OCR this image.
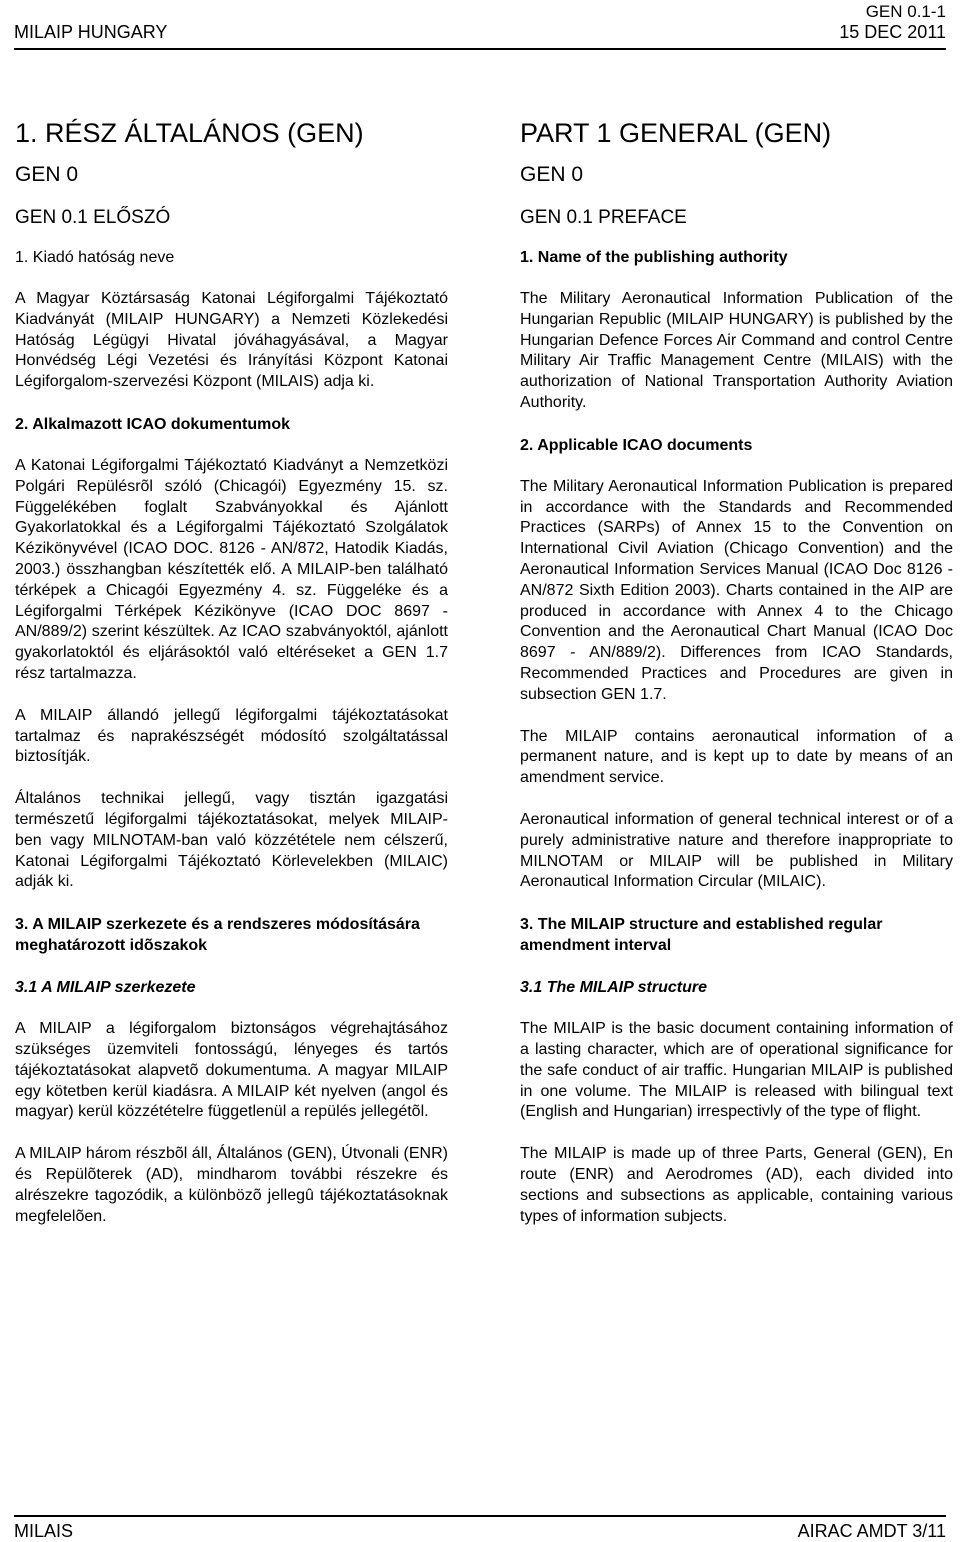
GEN 0.1-1
MILAIP HUNGARY	15 DEC 2011
1. RÉSZ ÁLTALÁNOS (GEN)
GEN 0
GEN 0.1 ELŐSZÓ
1. Kiadó hatóság neve

A Magyar Köztársaság Katonai Légiforgalmi Tájékoztató Kiadványát (MILAIP HUNGARY) a Nemzeti Közlekedési Hatóság Légügyi Hivatal jóváhagyásával, a Magyar Honvédség Légi Vezetési és Irányítási Központ Katonai Légiforgalom-szervezési Központ (MILAIS) adja ki.

2. Alkalmazott ICAO dokumentumok

A Katonai Légiforgalmi Tájékoztató Kiadványt a Nemzetközi Polgári Repülésrõl szóló (Chicagói) Egyezmény 15. sz. Függelékében foglalt Szabványokkal és Ajánlott Gyakorlatokkal és a Légiforgalmi Tájékoztató Szolgálatok Kézikönyvével (ICAO DOC. 8126 - AN/872, Hatodik Kiadás, 2003.) összhangban készítették elő. A MILAIP-ben található térképek a Chicagói Egyezmény 4. sz. Függeléke és a Légiforgalmi Térképek Kézikönyve (ICAO DOC 8697 - AN/889/2) szerint készültek. Az ICAO szabványoktól, ajánlott gyakorlatoktól és eljárásoktól való eltéréseket a GEN 1.7 rész tartalmazza.

A MILAIP állandó jellegű légiforgalmi tájékoztatásokat tartalmaz és naprakészségét módosító szolgáltatással biztosítják.

Általános technikai jellegű, vagy tisztán igazgatási természetű légiforgalmi tájékoztatásokat, melyek MILAIP-ben vagy MILNOTAM-ban való közzététele nem célszerű, Katonai Légiforgalmi Tájékoztató Körlevelekben (MILAIC) adják ki.

3. A MILAIP szerkezete és a rendszeres módosítására meghatározott idõszakok
3.1 A MILAIP szerkezete

A MILAIP a légiforgalom biztonságos végrehajtásához szükséges üzemviteli fontosságú, lényeges és tartós tájékoztatásokat alapvetõ dokumentuma. A magyar MILAIP egy kötetben kerül kiadásra. A MILAIP két nyelven (angol és magyar) kerül közzétételre függetlenül a repülés jellegétõl.

A MILAIP három részbõl áll, Általános (GEN), Útvonali (ENR) és Repülõterek (AD), mindharom további részekre és alrészekre tagozódik, a különbözõ jellegû tájékoztatásoknak megfelelõen.

PART 1 GENERAL (GEN)
GEN 0
GEN 0.1 PREFACE
1. Name of the publishing authority

The Military Aeronautical Information Publication of the Hungarian Republic (MILAIP HUNGARY) is published by the Hungarian Defence Forces Air Command and control Centre Military Air Traffic Management Centre (MILAIS) with the authorization of National Transportation Authority Aviation Authority.

2. Applicable ICAO documents

The Military Aeronautical Information Publication is prepared in accordance with the Standards and Recommended Practices (SARPs) of Annex 15 to the Convention on International Civil Aviation (Chicago Convention) and the Aeronautical Information Services Manual (ICAO Doc 8126 - AN/872 Sixth Edition 2003). Charts contained in the AIP are produced in accordance with Annex 4 to the Chicago Convention and the Aeronautical Chart Manual (ICAO Doc 8697 - AN/889/2). Differences from ICAO Standards, Recommended Practices and Procedures are given in subsection GEN 1.7.

The MILAIP contains aeronautical information of a permanent nature, and is kept up to date by means of an amendment service.

Aeronautical information of general technical interest or of a purely administrative nature and therefore inappropriate to MILNOTAM or MILAIP will be published in Military Aeronautical Information Circular (MILAIC).

3. The MILAIP structure and established regular amendment interval
3.1 The MILAIP structure

The MILAIP is the basic document containing information of a lasting character, which are of operational significance for the safe conduct of air traffic. Hungarian MILAIP is published in one volume. The MILAIP is released with bilingual text (English and Hungarian) irrespectivly of the type of flight.

The MILAIP is made up of three Parts, General (GEN), En route (ENR) and Aerodromes (AD), each divided into sections and subsections as applicable, containing various types of information subjects.

MILAIS	AIRAC AMDT 3/11
